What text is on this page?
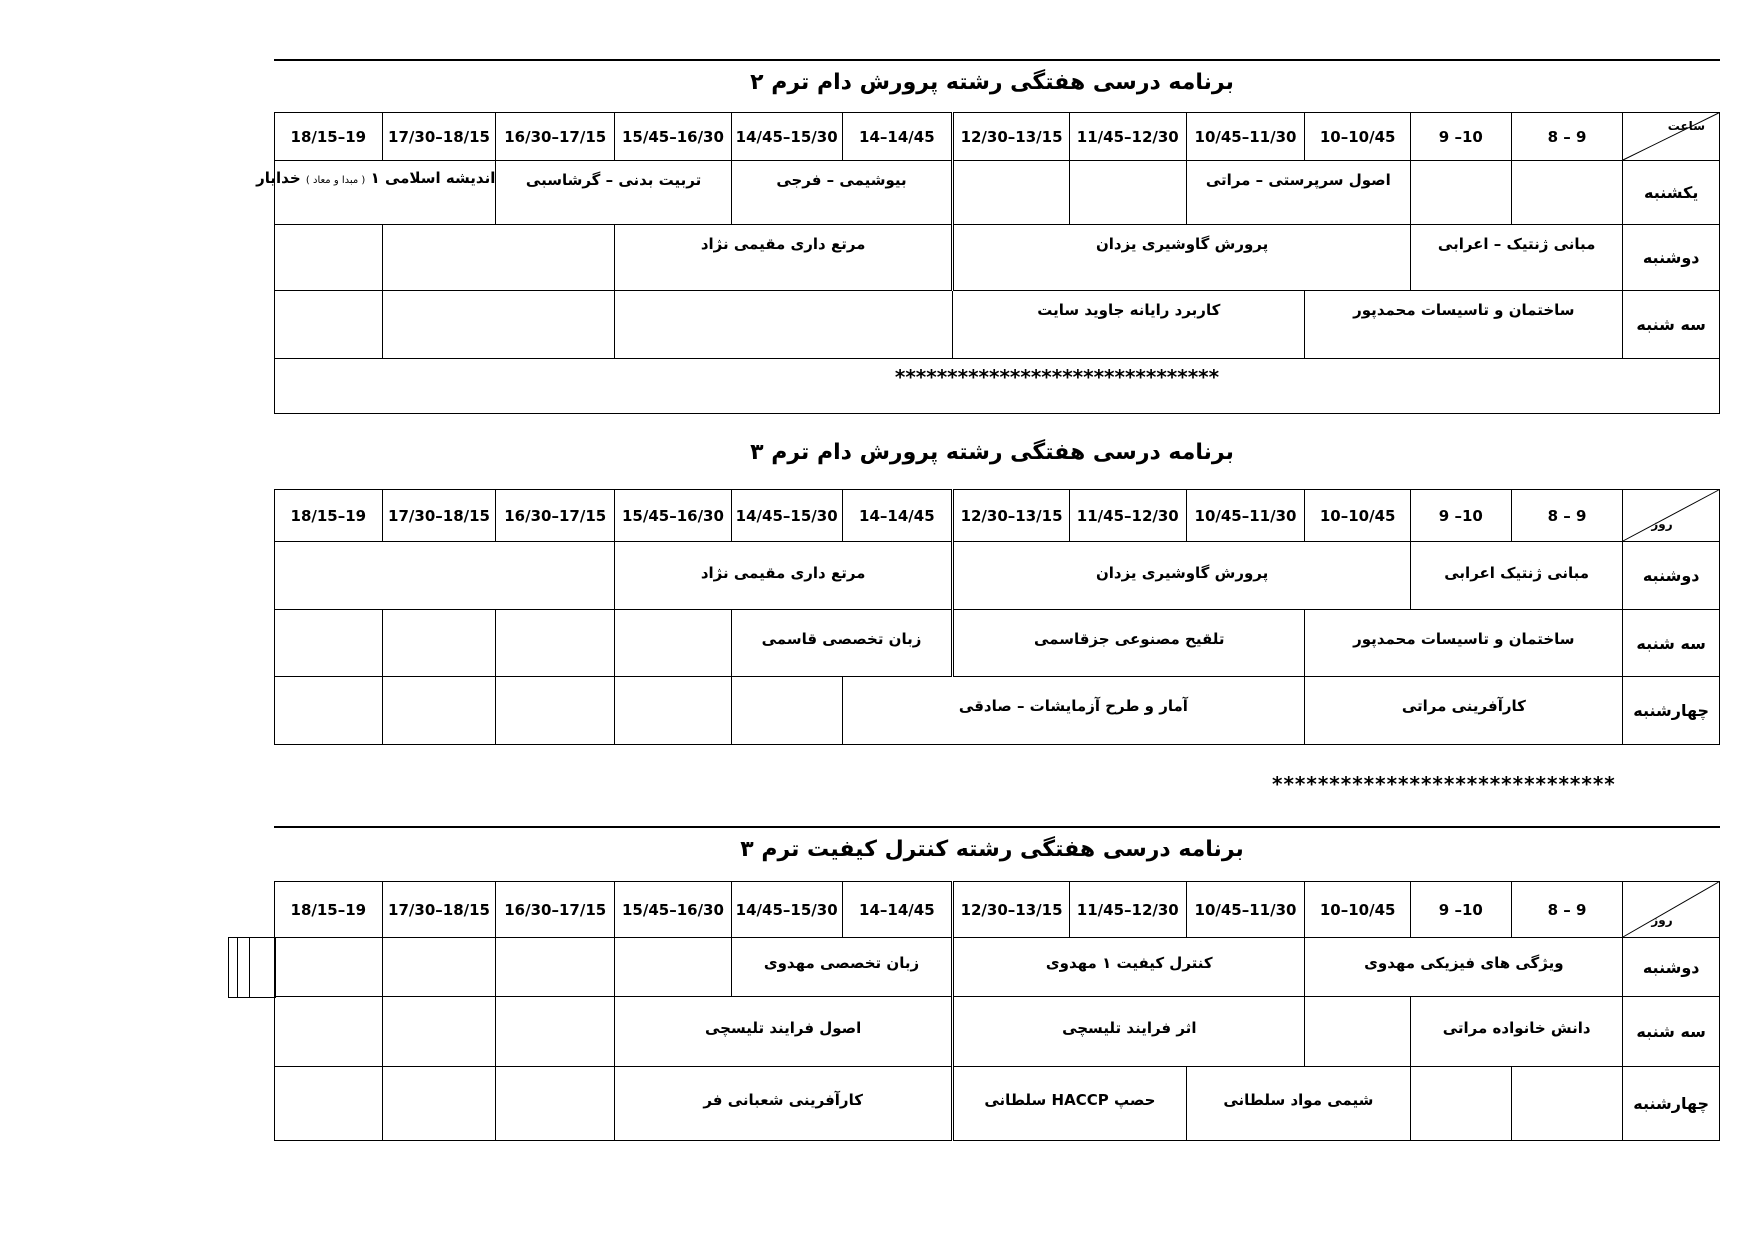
برنامه درسی هفتگی رشته پرورش دام ترم ۲
18/15–19	17/30–18/15	16/30–17/15	15/45–16/30	14/45–15/30	14–14/45	12/30–13/15	11/45–12/30	10/45–11/30	10–10/45	9 –10	8 – 9	ساعت

اندیشه اسلامی ۱ ( مبدا و معاد ) خدایار		تربیت بدنی – گرشاسبی		بیوشیمی – فرجی				اصول سرپرستی – مراتی				یکشنبه

			مرتع داری مقیمی نژاد			پرورش گاوشیری یزدان				مبانی ژنتیک – اعرابی		دوشنبه

						کاربرد رایانه جاوید سایت			ساختمان و تاسیسات محمدپور			سه شنبه

*******************************												
برنامه درسی هفتگی رشته پرورش دام ترم ۳
18/15–19	17/30–18/15	16/30–17/15	15/45–16/30	14/45–15/30	14–14/45	12/30–13/15	11/45–12/30	10/45–11/30	10–10/45	9 –10	8 – 9	روز

			مرتع داری مقیمی نژاد			پرورش گاوشیری یزدان				مبانی ژنتیک اعرابی		دوشنبه

				زبان تخصصی قاسمی		تلقیح مصنوعی جزقاسمی			ساختمان و تاسیسات محمدپور			سه شنبه

					آمار و طرح آزمایشات – صادقی				کارآفرینی مراتی			چهارشنبه
******************************
برنامه درسی هفتگی رشته کنترل کیفیت ترم ۳
18/15–19	17/30–18/15	16/30–17/15	15/45–16/30	14/45–15/30	14–14/45	12/30–13/15	11/45–12/30	10/45–11/30	10–10/45	9 –10	8 – 9	روز

				زبان تخصصی مهدوی		کنترل کیفیت ۱ مهدوی			ویژگی های فیزیکی مهدوی			دوشنبه

			اصول فرایند تلیسچی			اثر فرایند تلیسچی				دانش خانواده مراتی		سه شنبه

			کارآفرینی شعبانی فر			حصپ HACCP سلطانی		شیمی مواد سلطانی				چهارشنبه
